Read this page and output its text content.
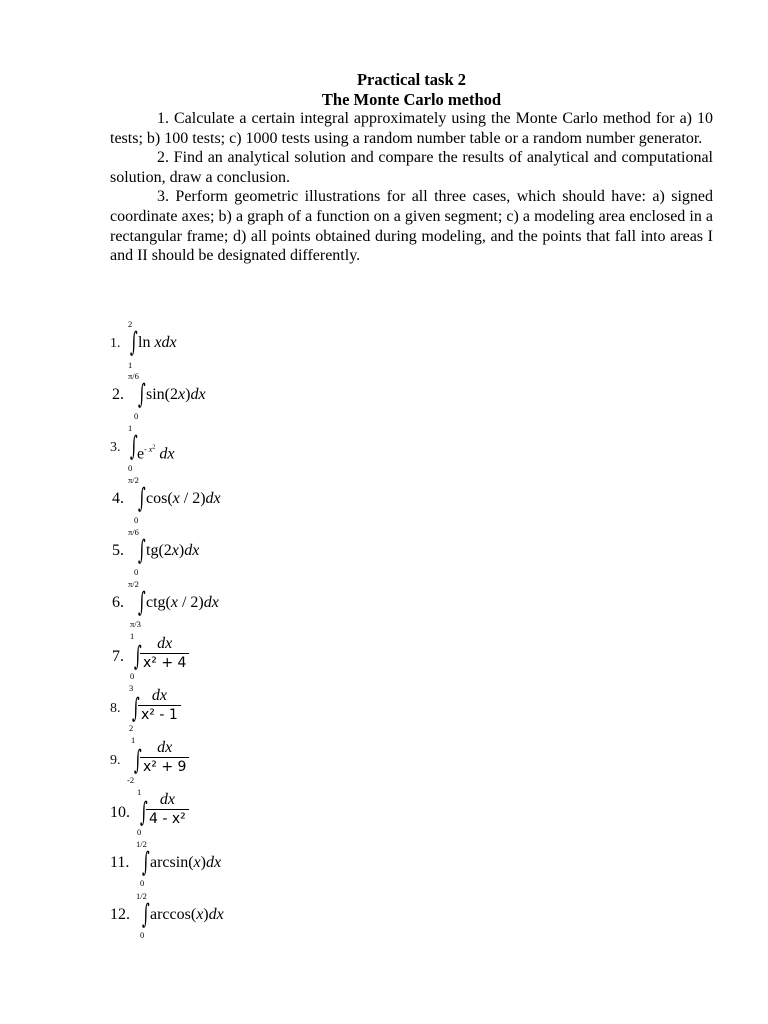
Practical task 2
The Monte Carlo method

1. Calculate a certain integral approximately using the Monte Carlo method for a) 10 tests; b) 100 tests; c) 1000 tests using a random number table or a random number generator.

2. Find an analytical solution and compare the results of analytical and computational solution, draw a conclusion.

3. Perform geometric illustrations for all three cases, which should have: a) signed coordinate axes; b) a graph of a function on a given segment; c) a modeling area enclosed in a rectangular frame; d) all points obtained during modeling, and the points that fall into areas I and II should be designated differently.

1.
2
∫ ln xdx
1
2.
π/6
∫ sin(2x)dx
0
3.
1
∫ $e^{- x^2}$ dx
0
4.
π/2
∫ cos(x / 2)dx
0
5.
π/6
∫ tg(2x)dx
0
6.
π/2
∫ ctg(x / 2)dx
π/3
7.
1
∫
$\frac{dx}{\text{x² + 4}}$
0
8.
3
∫
$\frac{dx}{\text{x² - 1}}$
2
9.
1
∫
$\frac{dx}{\text{x² + 9}}$
-2
10.
1
∫
$\frac{dx}{\text{4 - x²}}$
0
11.
1/2
∫ arcsin(x)dx
0
12.
1/2
∫ arccos(x)dx
0
